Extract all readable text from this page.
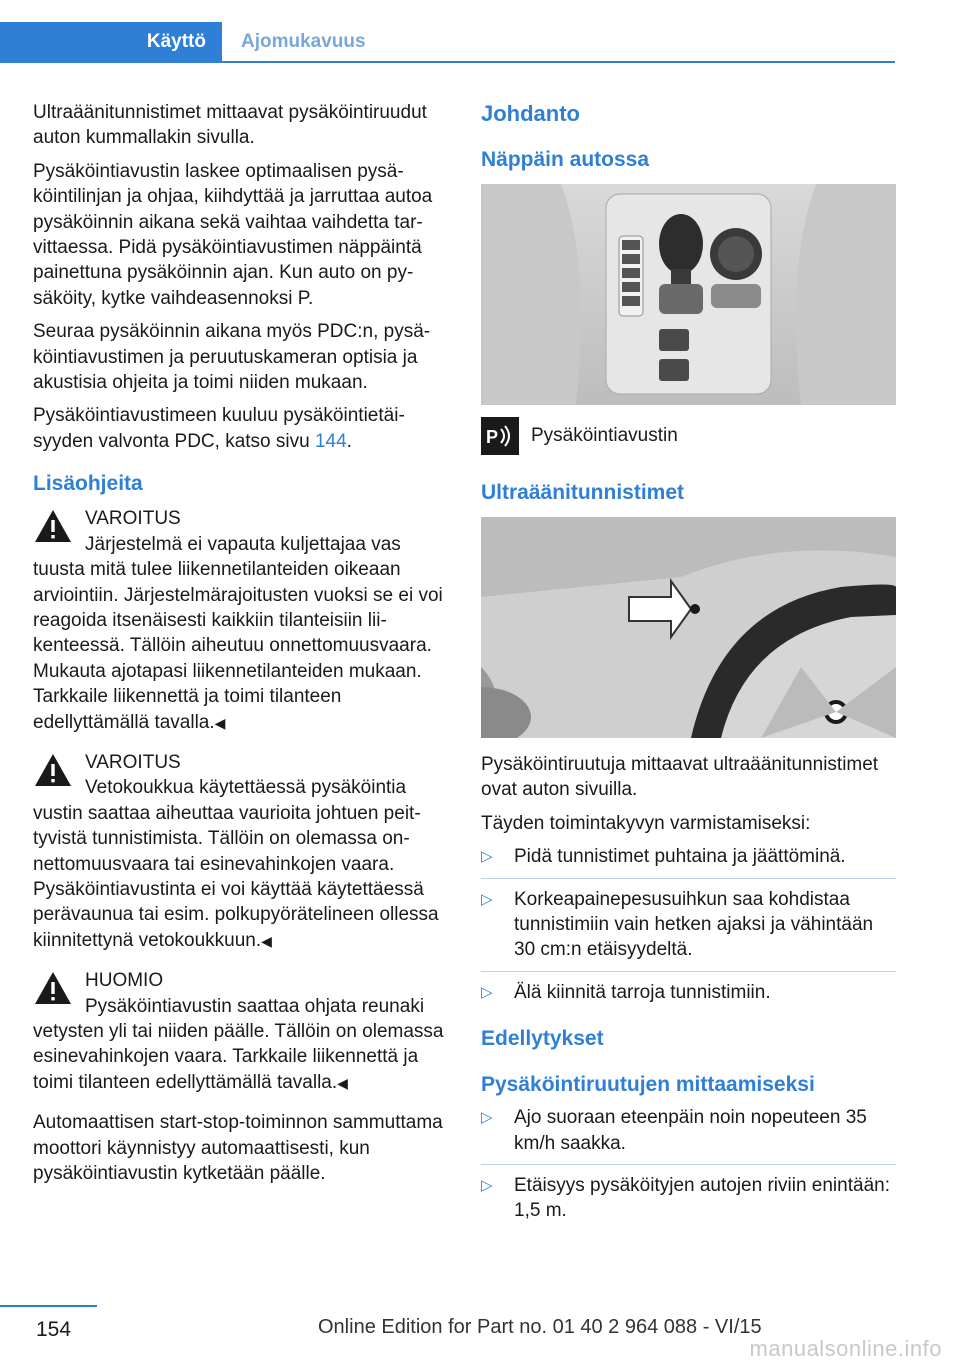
Käyttö	Ajomukavuus

Ultraäänitunnistimet mittaavat pysäköintiruudut auton kummallakin sivulla.

Pysäköintiavustin laskee optimaalisen pysäköintilinjan ja ohjaa, kiihdyttää ja jarruttaa autoa pysäköinnin aikana sekä vaihtaa vaihdetta tarvittaessa. Pidä pysäköintiavustimen näppäintä painettuna pysäköinnin ajan. Kun auto on pysäköity, kytke vaihdeasennoksi P.

Seuraa pysäköinnin aikana myös PDC:n, pysäköintiavustimen ja peruutuskameran optisia ja akustisia ohjeita ja toimi niiden mukaan.

Pysäköintiavustimeen kuuluu pysäköintietäisyyden valvonta PDC, katso sivu 144.

Lisäohjeita

VAROITUS

Järjestelmä ei vapauta kuljettajaa vas

tuusta mitä tulee liikennetilanteiden oikeaan arviointiin. Järjestelmärajoitusten vuoksi se ei voi reagoida itsenäisesti kaikkiin tilanteisiin liikenteessä. Tällöin aiheutuu onnettomuusvaara. Mukauta ajotapasi liikennetilanteiden mukaan. Tarkkaile liikennettä ja toimi tilanteen edellyttämällä tavalla.◀

VAROITUS

Vetokoukkua käytettäessä pysäköintia

vustin saattaa aiheuttaa vaurioita johtuen peittyvistä tunnistimista. Tällöin on olemassa onnettomuusvaara tai esinevahinkojen vaara. Pysäköintiavustinta ei voi käyttää käytettäessä perävaunua tai esim. polkupyörätelineen ollessa kiinnitettynä vetokoukkuun.◀

HUOMIO

Pysäköintiavustin saattaa ohjata reunaki

vetysten yli tai niiden päälle. Tällöin on olemassa esinevahinkojen vaara. Tarkkaile liikennettä ja toimi tilanteen edellyttämällä tavalla.◀

Automaattisen start-stop-toiminnon sammuttama moottori käynnistyy automaattisesti, kun pysäköintiavustin kytketään päälle.

Johdanto
Näppäin autossa
P Pysäköintiavustin
Ultraäänitunnistimet

Pysäköintiruutuja mittaavat ultraäänitunnistimet ovat auton sivuilla.

Täyden toimintakyvyn varmistamiseksi:

▷ Pidä tunnistimet puhtaina ja jäättöminä.
▷ Korkeapainepesusuihkun saa kohdistaa tunnistimiin vain hetken ajaksi ja vähintään 30 cm:n etäisyydeltä.
▷ Älä kiinnitä tarroja tunnistimiin.
Edellytykset
Pysäköintiruutujen mittaamiseksi
▷ Ajo suoraan eteenpäin noin nopeuteen 35 km/h saakka.
▷ Etäisyys pysäköityjen autojen riviin enintään: 1,5 m.
154	Online Edition for Part no. 01 40 2 964 088 - VI/15
manualsonline.info
